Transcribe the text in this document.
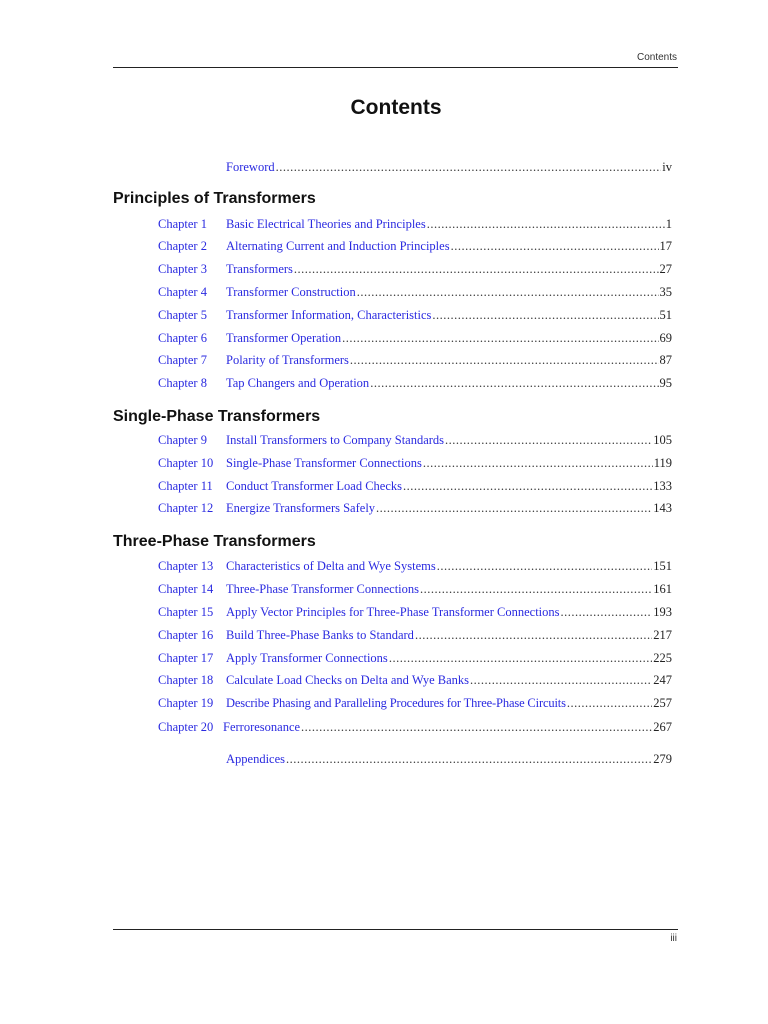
Contents
Contents
Foreword .....	iv
Principles of Transformers
Chapter 1	Basic Electrical Theories and Principles .....	1
Chapter 2	Alternating Current and Induction Principles .....	17
Chapter 3	Transformers .....	27
Chapter 4	Transformer Construction .....	35
Chapter 5	Transformer Information, Characteristics .....	51
Chapter 6	Transformer Operation .....	69
Chapter 7	Polarity of Transformers .....	87
Chapter 8	Tap Changers and Operation .....	95
Single-Phase Transformers
Chapter 9	Install Transformers to Company Standards .....	105
Chapter 10	Single-Phase Transformer Connections .....	119
Chapter 11	Conduct Transformer Load Checks .....	133
Chapter 12	Energize Transformers Safely .....	143
Three-Phase Transformers
Chapter 13	Characteristics of Delta and Wye Systems .....	151
Chapter 14	Three-Phase Transformer Connections .....	161
Chapter 15	Apply Vector Principles for Three-Phase Transformer Connections .....	193
Chapter 16	Build Three-Phase Banks to Standard .....	217
Chapter 17	Apply Transformer Connections .....	225
Chapter 18	Calculate Load Checks on Delta and Wye Banks .....	247
Chapter 19	Describe Phasing and Paralleling Procedures for Three-Phase Circuits .....	257
Chapter 20 Ferroresonance .....	267
Appendices .....	279
iii
